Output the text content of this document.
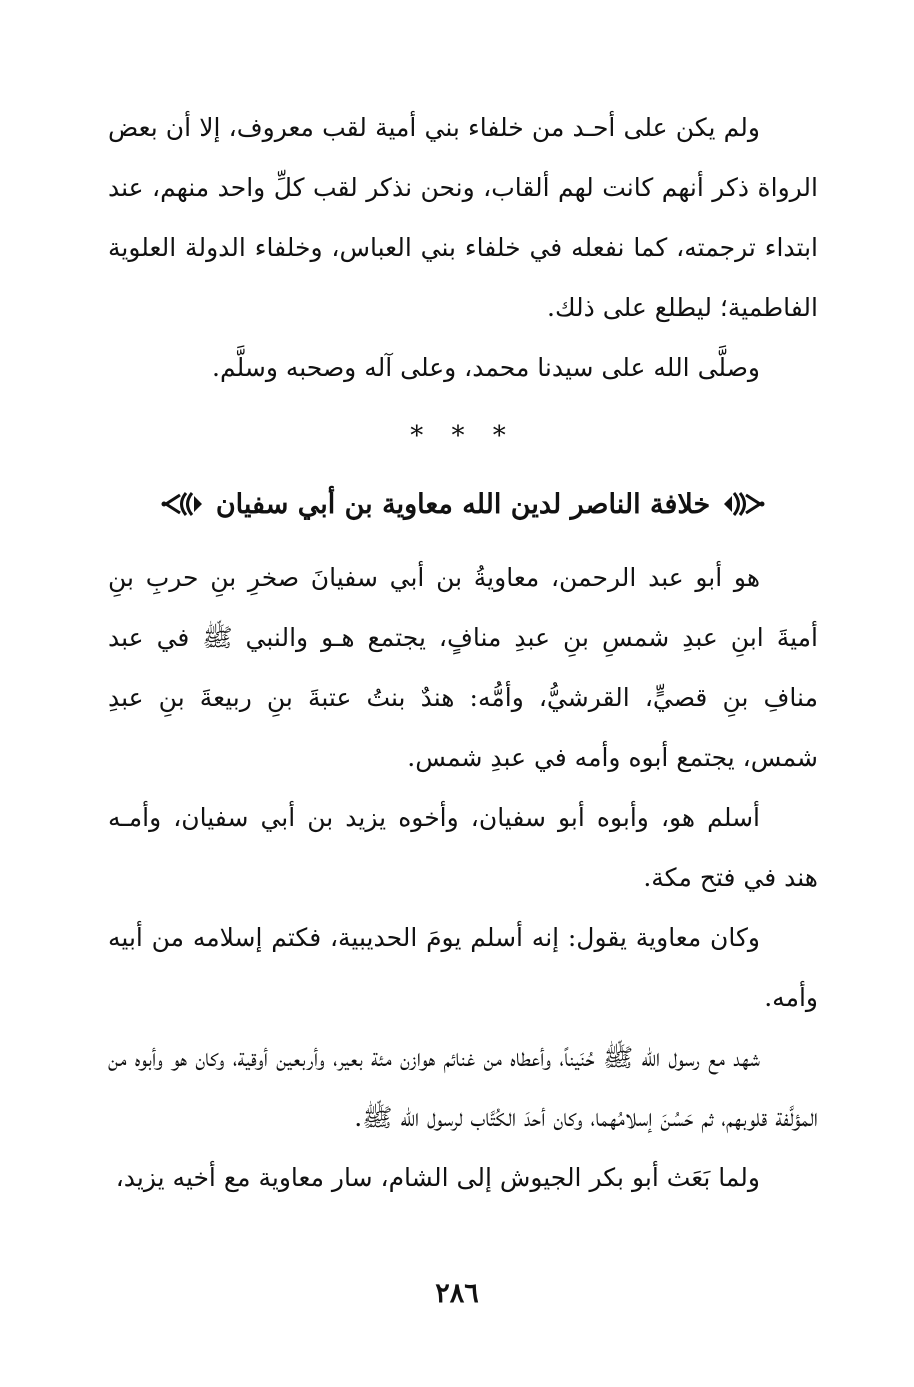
ولم يكن على أحـد من خلفاء بني أمية لقب معروف، إلا أن بعض الرواة ذكر أنهم كانت لهم ألقاب، ونحن نذكر لقب كلِّ واحد منهم، عند ابتداء ترجمته، كما نفعله في خلفاء بني العباس، وخلفاء الدولة العلوية الفاطمية؛ ليطلع على ذلك.

وصلَّى الله على سيدنا محمد، وعلى آله وصحبه وسلَّم.

* * *
خلافة الناصر لدين الله معاوية بن أبي سفيان

هو أبو عبد الرحمن، معاويةُ بن أبي سفيانَ صخرِ بنِ حربِ بنِ أميةَ ابنِ عبدِ شمسِ بنِ عبدِ منافٍ، يجتمع هـو والنبي ﷺ في عبد منافِ بنِ قصيٍّ، القرشيُّ، وأمُّه: هندٌ بنتُ عتبةَ بنِ ربيعةَ بنِ عبدِ شمس، يجتمع أبوه وأمه في عبدِ شمس.

أسلم هو، وأبوه أبو سفيان، وأخوه يزيد بن أبي سفيان، وأمـه هند في فتح مكة.

وكان معاوية يقول: إنه أسلم يومَ الحديبية، فكتم إسلامه من أبيه وأمه.

شهد مع رسول الله ﷺ حُنَيناً، وأعطاه من غنائم هوازن مئة بعير، وأربعين أوقية، وكان هو وأبوه من المؤلَّفة قلوبهم، ثم حَسُنَ إسلامُهما، وكان أحدَ الكُتَّاب لرسول الله ﷺ.

ولما بَعَث أبو بكر الجيوش إلى الشام، سار معاوية مع أخيه يزيد،

٢٨٦
